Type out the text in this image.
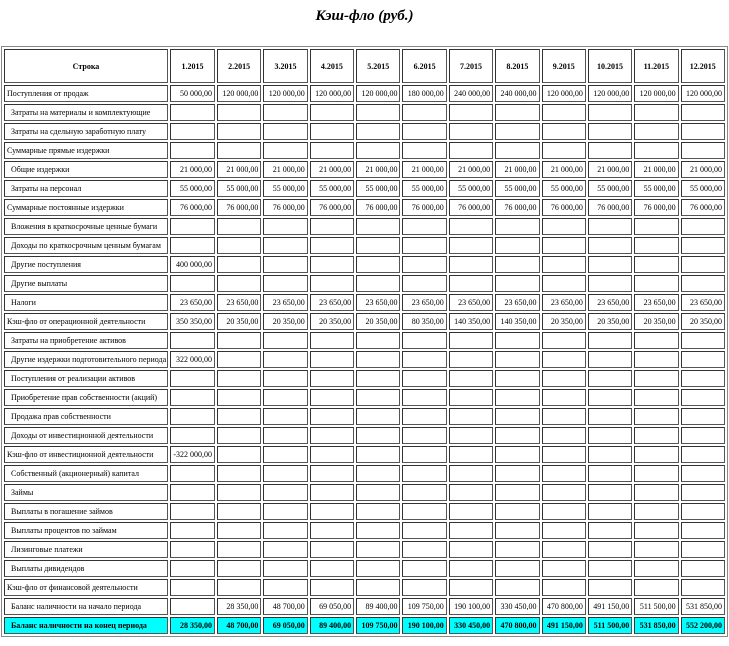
Кэш-фло (руб.)
Строка	1.2015	2.2015	3.2015	4.2015	5.2015	6.2015	7.2015	8.2015	9.2015	10.2015	11.2015	12.2015
Поступления от продаж	50 000,00	120 000,00	120 000,00	120 000,00	120 000,00	180 000,00	240 000,00	240 000,00	120 000,00	120 000,00	120 000,00	120 000,00
Затраты на материалы и комплектующие												
Затраты на сдельную заработную плату												
Суммарные прямые издержки												
Общие издержки	21 000,00	21 000,00	21 000,00	21 000,00	21 000,00	21 000,00	21 000,00	21 000,00	21 000,00	21 000,00	21 000,00	21 000,00
Затраты на персонал	55 000,00	55 000,00	55 000,00	55 000,00	55 000,00	55 000,00	55 000,00	55 000,00	55 000,00	55 000,00	55 000,00	55 000,00
Суммарные постоянные издержки	76 000,00	76 000,00	76 000,00	76 000,00	76 000,00	76 000,00	76 000,00	76 000,00	76 000,00	76 000,00	76 000,00	76 000,00
Вложения в краткосрочные ценные бумаги												
Доходы по краткосрочным ценным бумагам												
Другие поступления	400 000,00											
Другие выплаты												
Налоги	23 650,00	23 650,00	23 650,00	23 650,00	23 650,00	23 650,00	23 650,00	23 650,00	23 650,00	23 650,00	23 650,00	23 650,00
Кэш-фло от операционной деятельности	350 350,00	20 350,00	20 350,00	20 350,00	20 350,00	80 350,00	140 350,00	140 350,00	20 350,00	20 350,00	20 350,00	20 350,00
Затраты на приобретение активов												
Другие издержки подготовительного периода	322 000,00											
Поступления от реализации активов												
Приобретение прав собственности (акций)												
Продажа прав собственности												
Доходы от инвестиционной деятельности												
Кэш-фло от инвестиционной деятельности	-322 000,00											
Собственный (акционерный) капитал												
Займы												
Выплаты в погашение займов												
Выплаты процентов по займам												
Лизинговые платежи												
Выплаты дивидендов												
Кэш-фло от финансовой деятельности												
Баланс наличности на начало периода		28 350,00	48 700,00	69 050,00	89 400,00	109 750,00	190 100,00	330 450,00	470 800,00	491 150,00	511 500,00	531 850,00
Баланс наличности на конец периода	28 350,00	48 700,00	69 050,00	89 400,00	109 750,00	190 100,00	330 450,00	470 800,00	491 150,00	511 500,00	531 850,00	552 200,00
